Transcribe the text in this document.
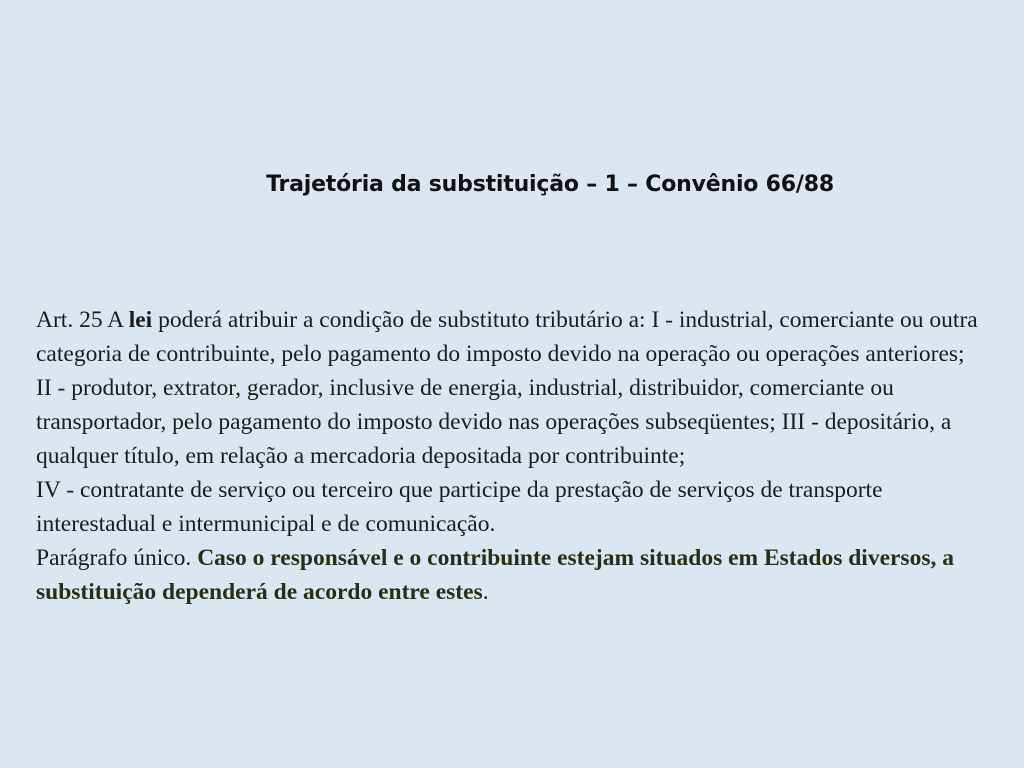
Trajetória da substituição – 1 – Convênio 66/88

Art. 25 A lei poderá atribuir a condição de substituto tributário a: I - industrial, comerciante ou outra categoria de contribuinte, pelo pagamento do imposto devido na operação ou operações anteriores;

II - produtor, extrator, gerador, inclusive de energia, industrial, distribuidor, comerciante ou transportador, pelo pagamento do imposto devido nas operações subseqüentes; III - depositário, a qualquer título, em relação a mercadoria depositada por contribuinte;

IV - contratante de serviço ou terceiro que participe da prestação de serviços de transporte interestadual e intermunicipal e de comunicação.

Parágrafo único. Caso o responsável e o contribuinte estejam situados em Estados diversos, a substituição dependerá de acordo entre estes.
